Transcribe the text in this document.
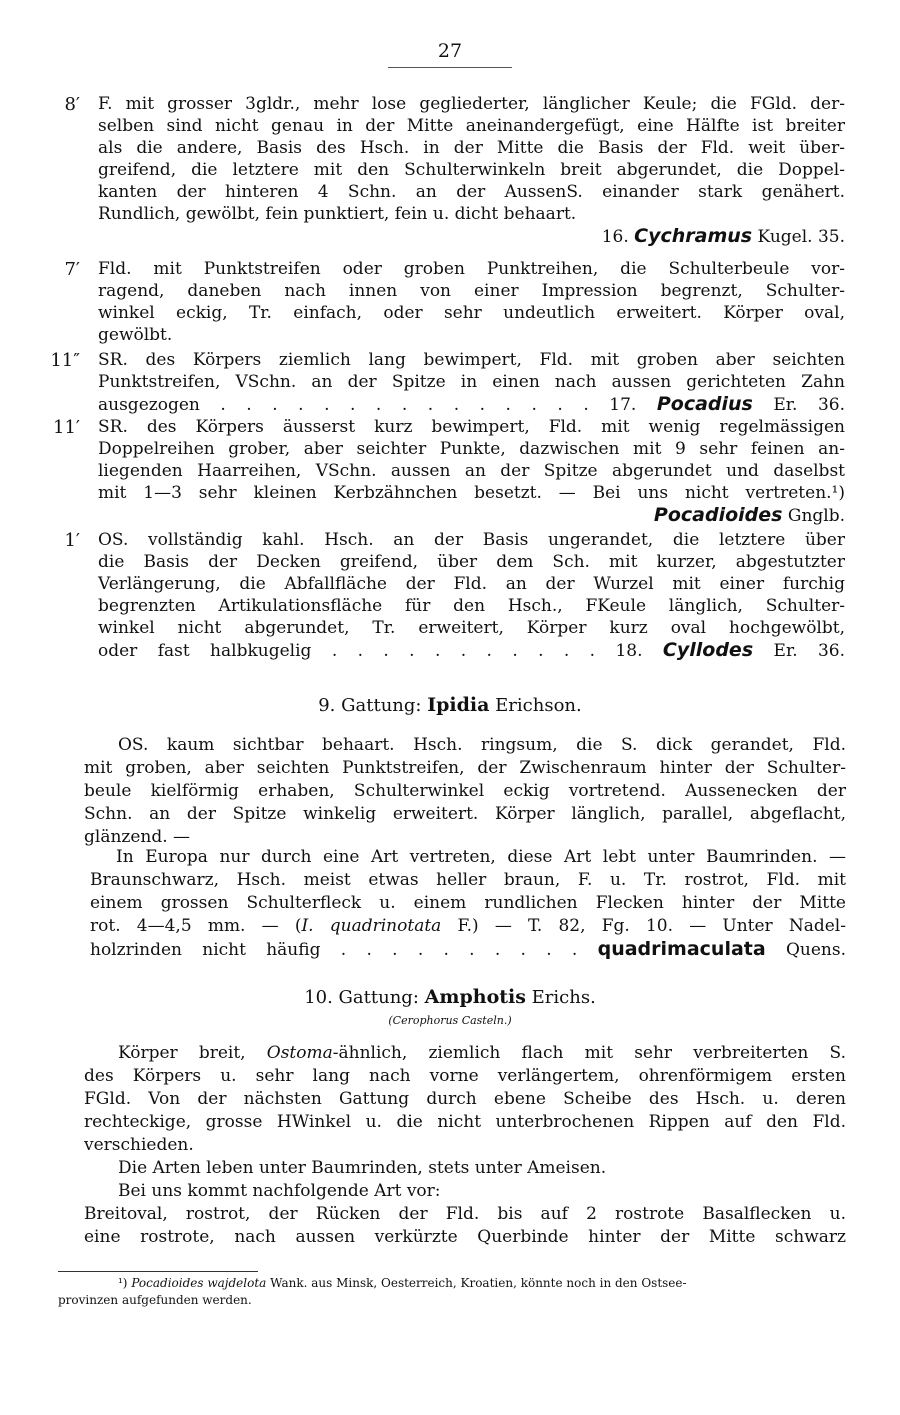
27
8′ F. mit grosser 3gldr., mehr lose gegliederter, länglicher Keule; die FGld. der-
selben sind nicht genau in der Mitte aneinandergefügt, eine Hälfte ist breiter
als die andere, Basis des Hsch. in der Mitte die Basis der Fld. weit über-
greifend, die letztere mit den Schulterwinkeln breit abgerundet, die Doppel-
kanten der hinteren 4 Schn. an der AussenS. einander stark genähert.
Rundlich, gewölbt, fein punktiert, fein u. dicht behaart.
16. Cychramus Kugel. 35.
7′ Fld. mit Punktstreifen oder groben Punktreihen, die Schulterbeule vor-
ragend, daneben nach innen von einer Impression begrenzt, Schulter-
winkel eckig, Tr. einfach, oder sehr undeutlich erweitert. Körper oval,
gewölbt.
11″ SR. des Körpers ziemlich lang bewimpert, Fld. mit groben aber seichten
Punktstreifen, VSchn. an der Spitze in einen nach aussen gerichteten Zahn
ausgezogen . . . . . . . . . . . . . . . 17. Pocadius Er. 36.
11′ SR. des Körpers äusserst kurz bewimpert, Fld. mit wenig regelmässigen
Doppelreihen grober, aber seichter Punkte, dazwischen mit 9 sehr feinen an-
liegenden Haarreihen, VSchn. aussen an der Spitze abgerundet und daselbst
mit 1—3 sehr kleinen Kerbzähnchen besetzt. — Bei uns nicht vertreten.¹)
Pocadioides Gnglb.
1′ OS. vollständig kahl. Hsch. an der Basis ungerandet, die letztere über
die Basis der Decken greifend, über dem Sch. mit kurzer, abgestutzter
Verlängerung, die Abfallfläche der Fld. an der Wurzel mit einer furchig
begrenzten Artikulationsfläche für den Hsch., FKeule länglich, Schulter-
winkel nicht abgerundet, Tr. erweitert, Körper kurz oval hochgewölbt,
oder fast halbkugelig . . . . . . . . . . . 18. Cyllodes Er. 36.
9. Gattung: Ipidia Erichson.
OS. kaum sichtbar behaart. Hsch. ringsum, die S. dick gerandet, Fld.
mit groben, aber seichten Punktstreifen, der Zwischenraum hinter der Schulter-
beule kielförmig erhaben, Schulterwinkel eckig vortretend. Aussenecken der
Schn. an der Spitze winkelig erweitert. Körper länglich, parallel, abgeflacht,
glänzend. —
In Europa nur durch eine Art vertreten, diese Art lebt unter Baumrinden. —
Braunschwarz, Hsch. meist etwas heller braun, F. u. Tr. rostrot, Fld. mit
einem grossen Schulterfleck u. einem rundlichen Flecken hinter der Mitte
rot. 4—4,5 mm. — (I. quadrinotata F.) — T. 82, Fg. 10. — Unter Nadel-
holzrinden nicht häufig . . . . . . . . . . quadrimaculata Quens.
10. Gattung: Amphotis Erichs.
(Cerophorus Casteln.)
Körper breit, Ostoma-ähnlich, ziemlich flach mit sehr verbreiterten S.
des Körpers u. sehr lang nach vorne verlängertem, ohrenförmigem ersten
FGld. Von der nächsten Gattung durch ebene Scheibe des Hsch. u. deren
rechteckige, grosse HWinkel u. die nicht unterbrochenen Rippen auf den Fld.
verschieden.
Die Arten leben unter Baumrinden, stets unter Ameisen.
Bei uns kommt nachfolgende Art vor:
Breitoval, rostrot, der Rücken der Fld. bis auf 2 rostrote Basalflecken u.
eine rostrote, nach aussen verkürzte Querbinde hinter der Mitte schwarz
¹) Pocadioides wajdelota Wank. aus Minsk, Oesterreich, Kroatien, könnte noch in den Ostsee-
provinzen aufgefunden werden.
